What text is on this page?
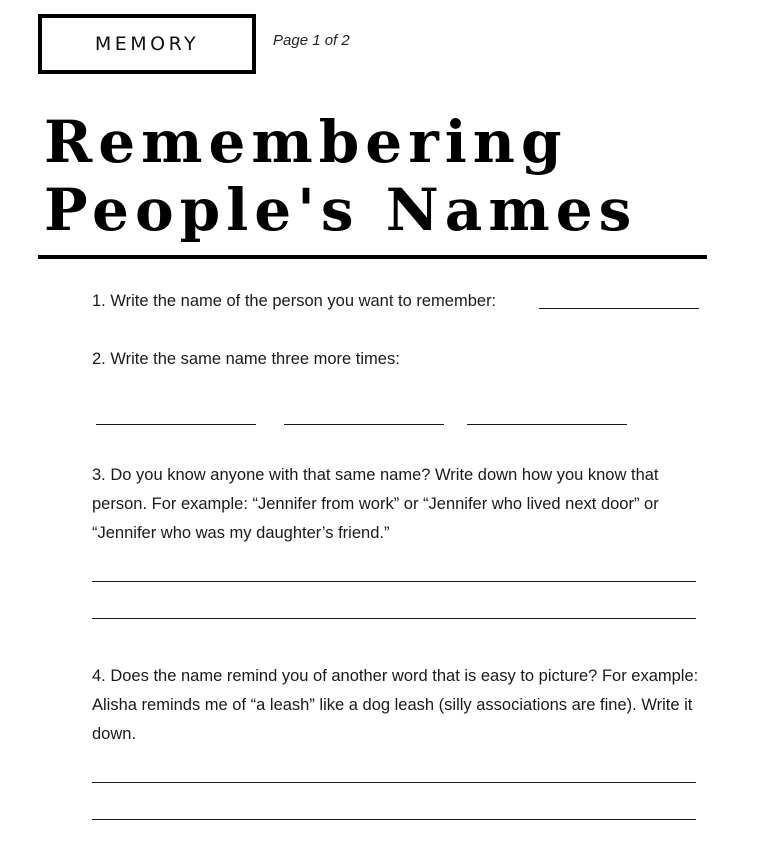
MEMORY	Page 1 of 2
Remembering
People's Names

1. Write the name of the person you want to remember:

2. Write the same name three more times:

3. Do you know anyone with that same name? Write down how you know that person. For example: “Jennifer from work” or “Jennifer who lived next door” or “Jennifer who was my daughter’s friend.”

4. Does the name remind you of another word that is easy to picture? For example: Alisha reminds me of “a leash” like a dog leash (silly associations are fine). Write it down.
